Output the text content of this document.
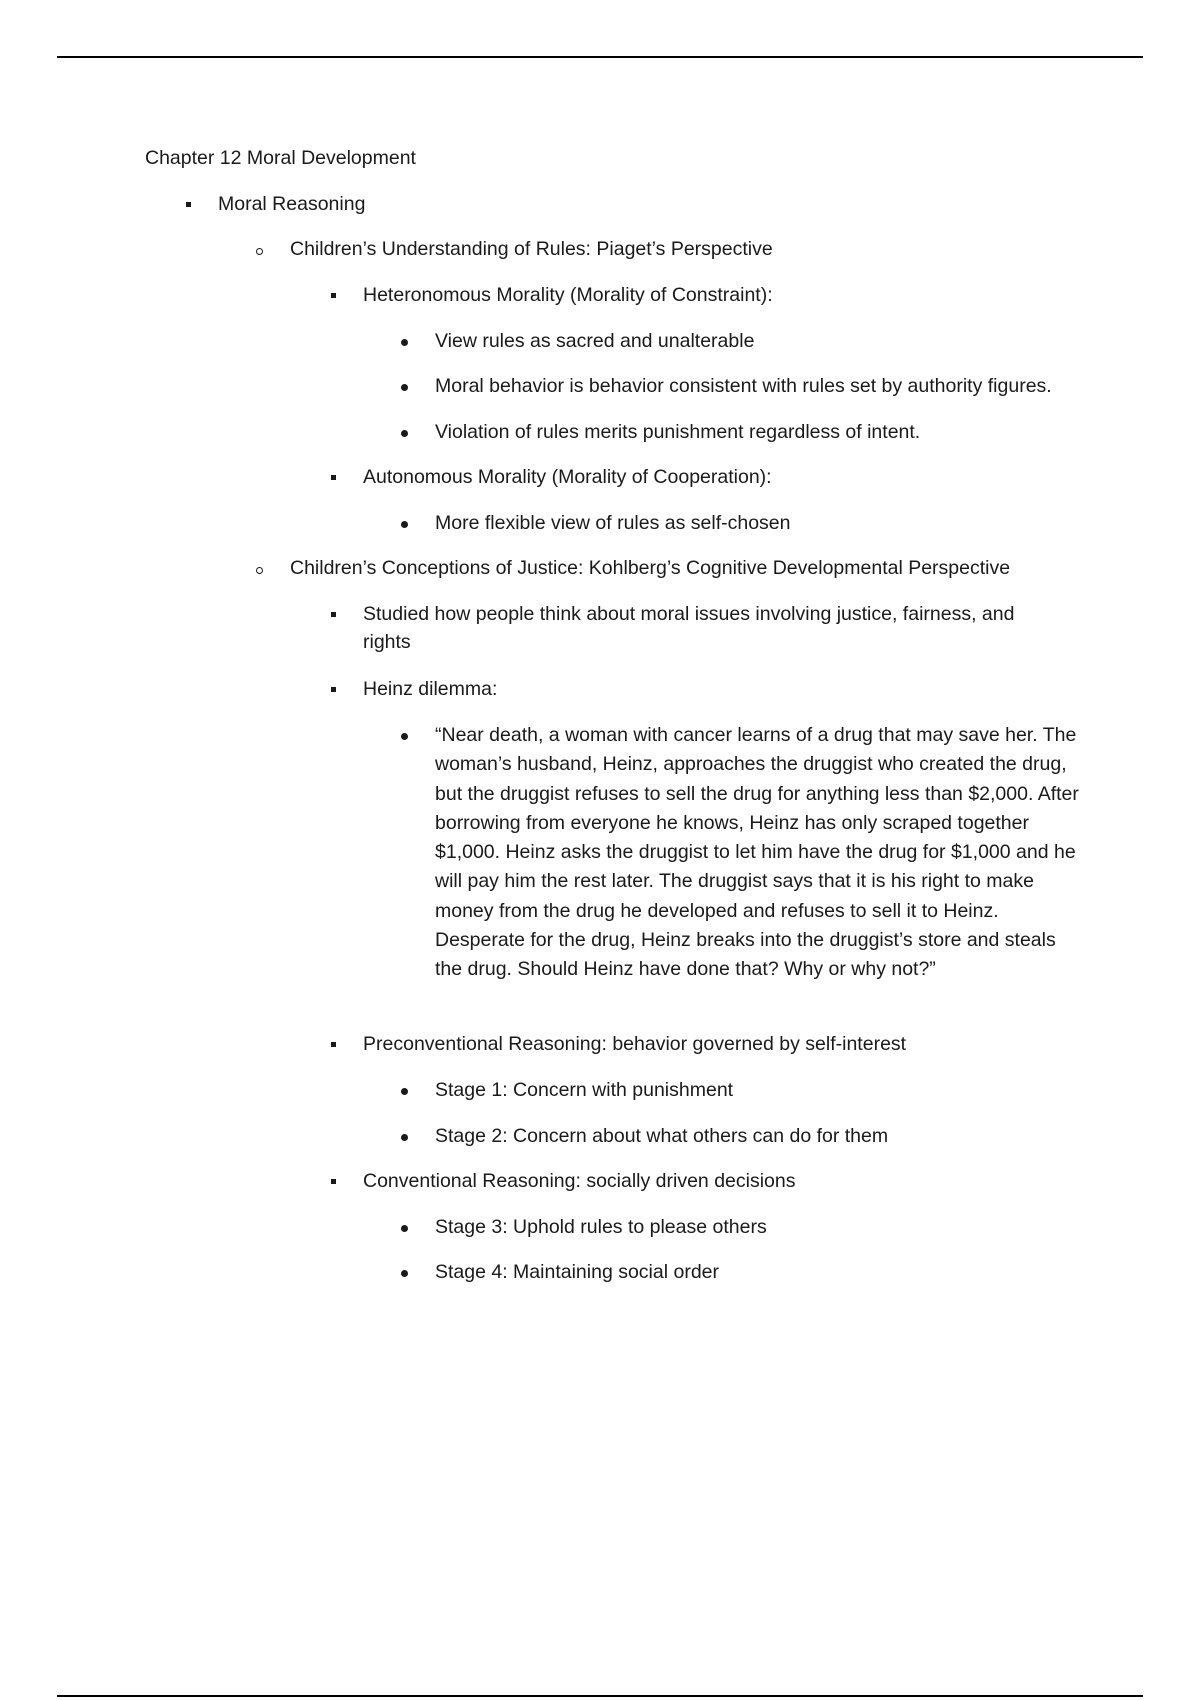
Chapter 12 Moral Development
Moral Reasoning
Children’s Understanding of Rules: Piaget’s Perspective
Heteronomous Morality (Morality of Constraint):
View rules as sacred and unalterable
Moral behavior is behavior consistent with rules set by authority figures.
Violation of rules merits punishment regardless of intent.
Autonomous Morality (Morality of Cooperation):
More flexible view of rules as self-chosen
Children’s Conceptions of Justice: Kohlberg’s Cognitive Developmental Perspective
Studied how people think about moral issues involving justice, fairness, and rights
Heinz dilemma:
“Near death, a woman with cancer learns of a drug that may save her. The woman’s husband, Heinz, approaches the druggist who created the drug, but the druggist refuses to sell the drug for anything less than $2,000. After borrowing from everyone he knows, Heinz has only scraped together $1,000. Heinz asks the druggist to let him have the drug for $1,000 and he will pay him the rest later. The druggist says that it is his right to make money from the drug he developed and refuses to sell it to Heinz. Desperate for the drug, Heinz breaks into the druggist’s store and steals the drug. Should Heinz have done that? Why or why not?”
Preconventional Reasoning: behavior governed by self-interest
Stage 1: Concern with punishment
Stage 2: Concern about what others can do for them
Conventional Reasoning: socially driven decisions
Stage 3: Uphold rules to please others
Stage 4: Maintaining social order
